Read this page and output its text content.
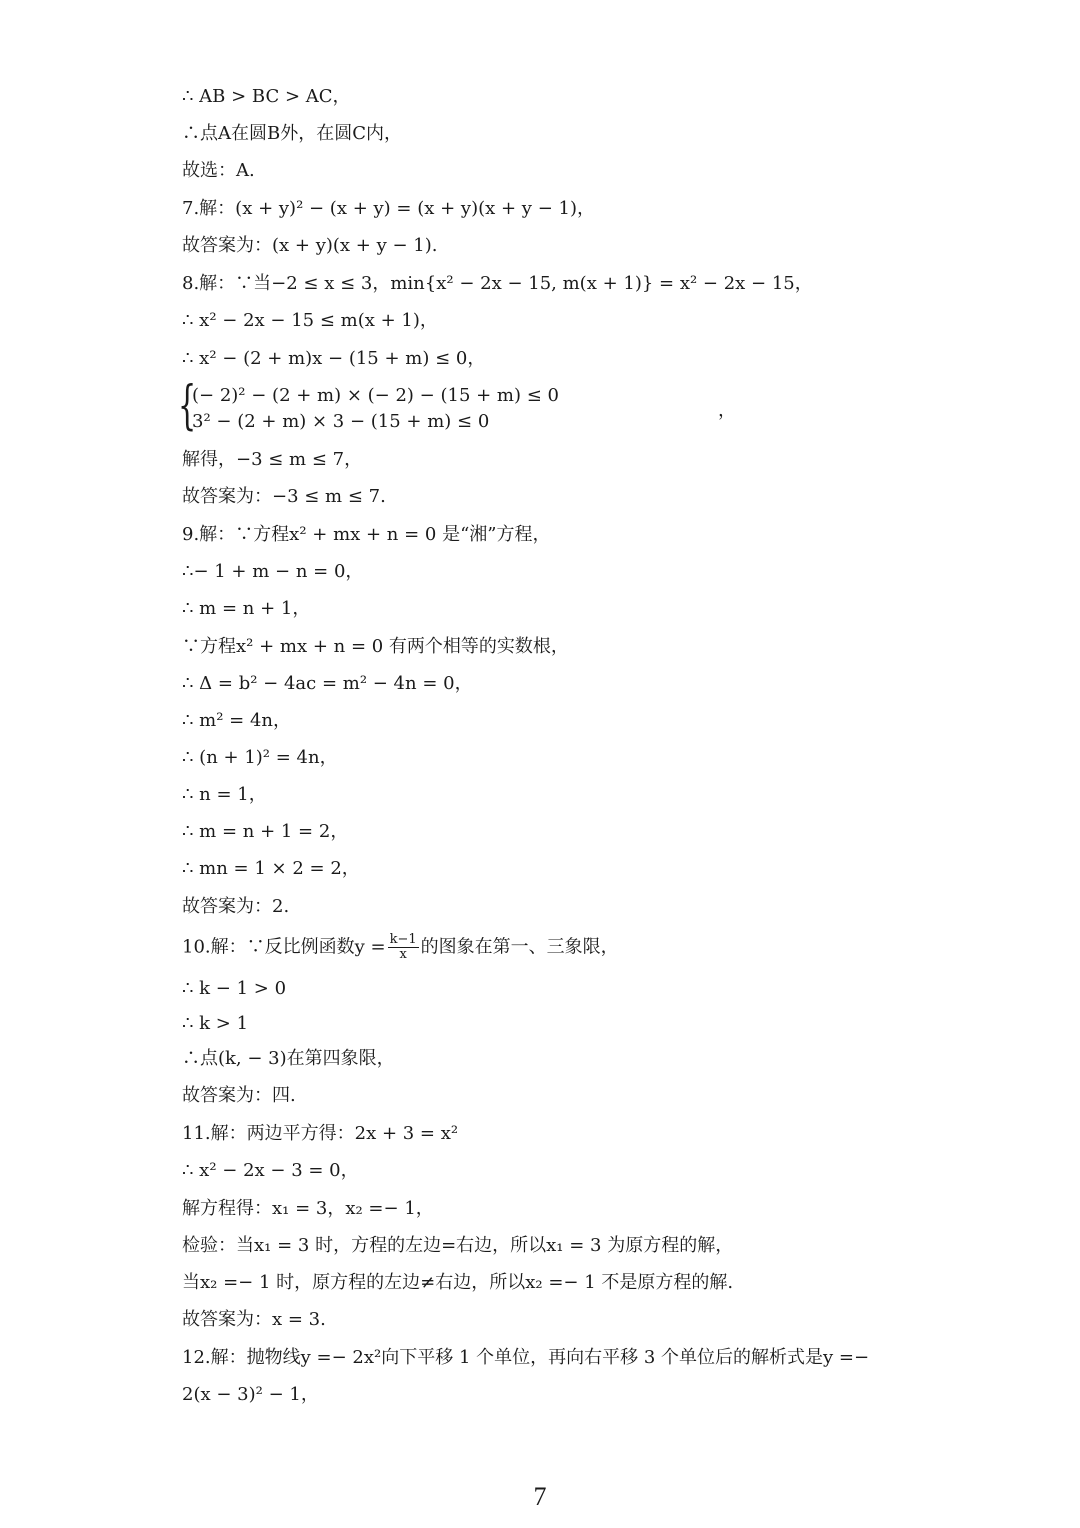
∴ AB > BC > AC，
∴点A在圆B外，在圆C内，
故选：A.
7.解：(x + y)² − (x + y) = (x + y)(x + y − 1)，
故答案为：(x + y)(x + y − 1).
8.解：∵当−2 ≤ x ≤ 3，min{x² − 2x − 15, m(x + 1)} = x² − 2x − 15，
∴ x² − 2x − 15 ≤ m(x + 1)，
∴ x² − (2 + m)x − (15 + m) ≤ 0，
{
(− 2)² − (2 + m) × (− 2) − (15 + m) ≤ 0
3² − (2 + m) × 3 − (15 + m) ≤ 0
，
解得，−3 ≤ m ≤ 7，
故答案为：−3 ≤ m ≤ 7.
9.解：∵方程x² + mx + n = 0 是“湘”方程，
∴− 1 + m − n = 0，
∴ m = n + 1，
∵方程x² + mx + n = 0 有两个相等的实数根，
∴ Δ = b² − 4ac = m² − 4n = 0，
∴ m² = 4n，
∴ (n + 1)² = 4n，
∴ n = 1，
∴ m = n + 1 = 2，
∴ mn = 1 × 2 = 2，
故答案为：2.
10.解：∵反比例函数$y = \frac{k-1}{x}$ 的图象在第一、三象限，
∴ k − 1 > 0
∴ k > 1
∴点(k, − 3)在第四象限，
故答案为：四.
11.解：两边平方得：2x + 3 = x²
∴ x² − 2x − 3 = 0，
解方程得：x₁ = 3，x₂ =− 1，
检验：当x₁ = 3 时，方程的左边=右边，所以x₁ = 3 为原方程的解，
当x₂ =− 1 时，原方程的左边≠右边，所以x₂ =− 1 不是原方程的解.
故答案为：x = 3.
12.解：抛物线y =− 2x²向下平移 1 个单位，再向右平移 3 个单位后的解析式是y =−
2(x − 3)² − 1，
7
